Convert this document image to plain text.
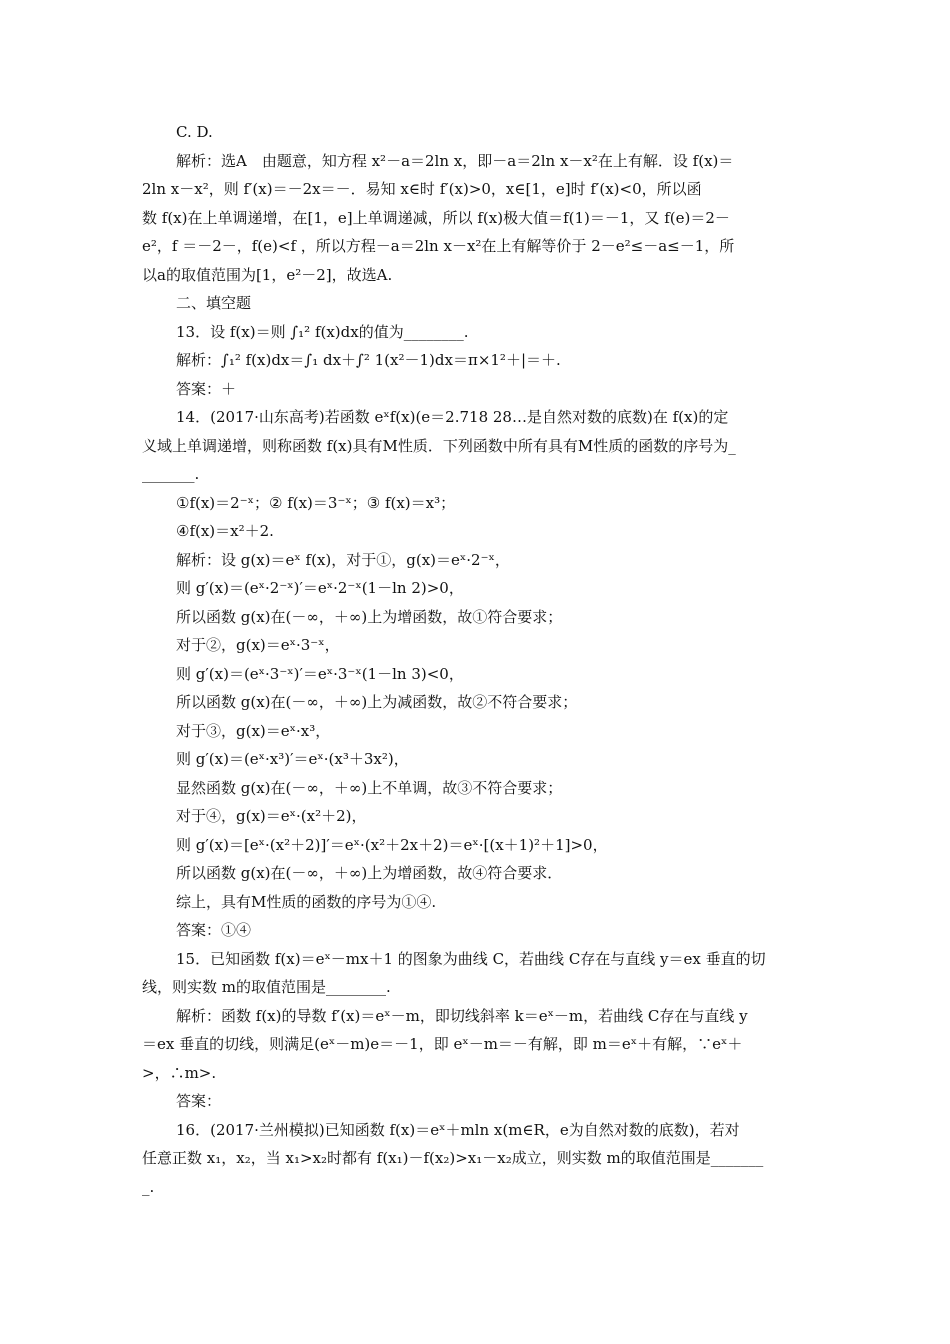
C. D.
解析：选A　由题意，知方程 x²－a＝2ln x，即－a＝2ln x－x²在上有解．设 f(x)＝
2ln x－x²，则 f′(x)＝－2x＝－．易知 x∈时 f′(x)>0，x∈[1，e]时 f′(x)<0，所以函
数 f(x)在上单调递增，在[1，e]上单调递减，所以 f(x)极大值＝f(1)＝－1，又 f(e)＝2－
e²，f ＝－2－，f(e)<f ，所以方程－a＝2ln x－x²在上有解等价于 2－e²≤－a≤－1，所
以a的取值范围为[1，e²－2]，故选A.
二、填空题
13．设 f(x)＝则 ∫₁² f(x)dx的值为________.
解析：∫₁² f(x)dx＝∫₁ dx＋∫² 1(x²－1)dx＝π×1²＋|＝＋.
答案：＋
14．(2017·山东高考)若函数 eˣf(x)(e＝2.718 28…是自然对数的底数)在 f(x)的定
义域上单调递增，则称函数 f(x)具有M性质．下列函数中所有具有M性质的函数的序号为_
_______.
①f(x)＝2⁻ˣ；② f(x)＝3⁻ˣ；③ f(x)＝x³；
④f(x)＝x²＋2.
解析：设 g(x)＝eˣ f(x)，对于①，g(x)＝eˣ·2⁻ˣ，
则 g′(x)＝(eˣ·2⁻ˣ)′＝eˣ·2⁻ˣ(1－ln 2)>0，
所以函数 g(x)在(－∞，＋∞)上为增函数，故①符合要求；
对于②，g(x)＝eˣ·3⁻ˣ，
则 g′(x)＝(eˣ·3⁻ˣ)′＝eˣ·3⁻ˣ(1－ln 3)<0，
所以函数 g(x)在(－∞，＋∞)上为减函数，故②不符合要求；
对于③，g(x)＝eˣ·x³，
则 g′(x)＝(eˣ·x³)′＝eˣ·(x³＋3x²)，
显然函数 g(x)在(－∞，＋∞)上不单调，故③不符合要求；
对于④，g(x)＝eˣ·(x²＋2)，
则 g′(x)＝[eˣ·(x²＋2)]′＝eˣ·(x²＋2x＋2)＝eˣ·[(x＋1)²＋1]>0，
所以函数 g(x)在(－∞，＋∞)上为增函数，故④符合要求．
综上，具有M性质的函数的序号为①④.
答案：①④
15．已知函数 f(x)＝eˣ－mx＋1 的图象为曲线 C，若曲线 C存在与直线 y＝ex 垂直的切
线，则实数 m的取值范围是________.
解析：函数 f(x)的导数 f′(x)＝eˣ－m，即切线斜率 k＝eˣ－m，若曲线 C存在与直线 y
＝ex 垂直的切线，则满足(eˣ－m)e＝－1，即 eˣ－m＝－有解，即 m＝eˣ＋有解，∵eˣ＋
>，∴m>.
答案：
16．(2017·兰州模拟)已知函数 f(x)＝eˣ＋mln x(m∈R，e为自然对数的底数)，若对
任意正数 x₁，x₂，当 x₁>x₂时都有 f(x₁)－f(x₂)>x₁－x₂成立，则实数 m的取值范围是_______
_.
